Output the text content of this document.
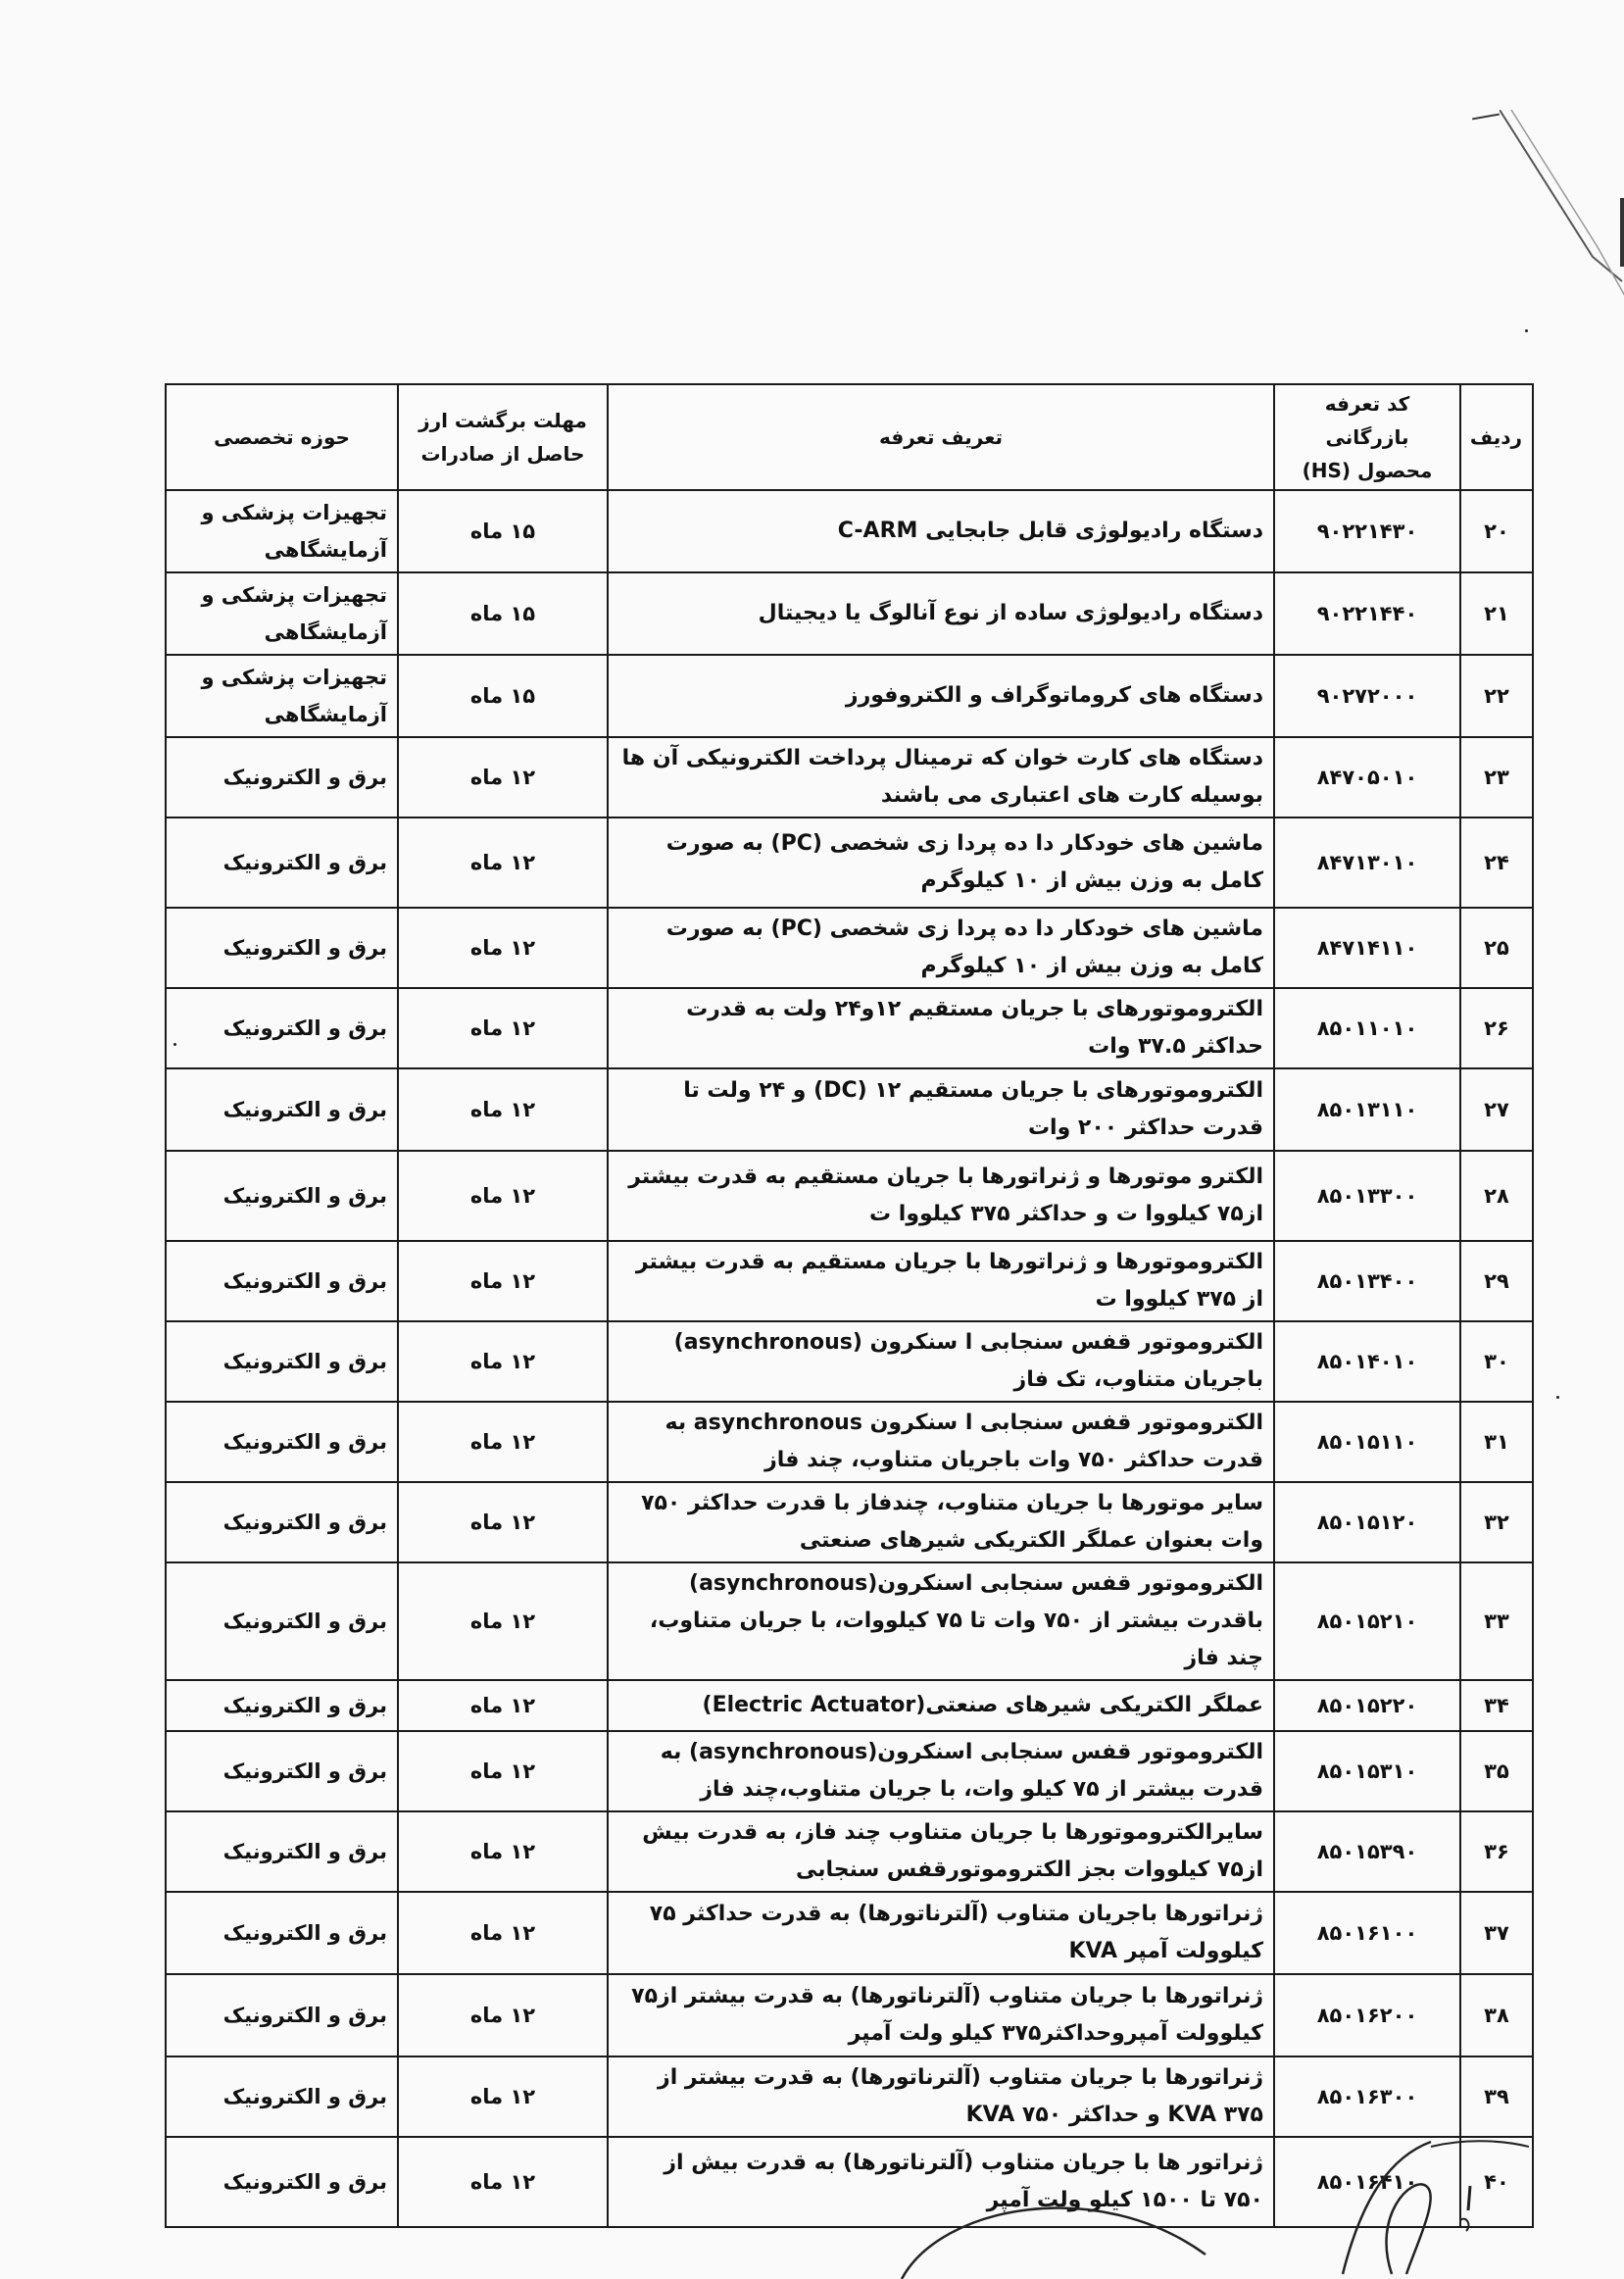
ردیف	کد تعرفه بازرگانی محصول (HS)	تعریف تعرفه	مهلت برگشت ارز حاصل از صادرات	حوزه تخصصی
۲۰	۹۰۲۲۱۴۳۰	دستگاه رادیولوژی قابل جابجایی C-ARM	۱۵ ماه	تجهیزات پزشکی و آزمایشگاهی
۲۱	۹۰۲۲۱۴۴۰	دستگاه رادیولوژی ساده از نوع آنالوگ یا دیجیتال	۱۵ ماه	تجهیزات پزشکی و آزمایشگاهی
۲۲	۹۰۲۷۲۰۰۰	دستگاه های کروماتوگراف و الکتروفورز	۱۵ ماه	تجهیزات پزشکی و آزمایشگاهی
۲۳	۸۴۷۰۵۰۱۰	دستگاه های کارت خوان که ترمینال پرداخت الکترونیکی آن ها بوسیله کارت های اعتباری می باشند	۱۲ ماه	برق و الکترونیک
۲۴	۸۴۷۱۳۰۱۰	ماشین های خودکار دا ده پردا زی شخصی (PC) به صورت کامل به وزن بیش از ۱۰ کیلوگرم	۱۲ ماه	برق و الکترونیک
۲۵	۸۴۷۱۴۱۱۰	ماشین های خودکار دا ده پردا زی شخصی (PC) به صورت کامل به وزن بیش از ۱۰ کیلوگرم	۱۲ ماه	برق و الکترونیک
۲۶	۸۵۰۱۱۰۱۰	الکتروموتورهای با جریان مستقیم ۱۲و۲۴ ولت به قدرت حداکثر ۳۷.۵ وات	۱۲ ماه	برق و الکترونیک
۲۷	۸۵۰۱۳۱۱۰	الکتروموتورهای با جریان مستقیم ۱۲ (DC) و ۲۴ ولت تا قدرت حداکثر ۲۰۰ وات	۱۲ ماه	برق و الکترونیک
۲۸	۸۵۰۱۳۳۰۰	الکترو موتورها و ژنراتورها با جریان مستقیم به قدرت بیشتر از۷۵ کیلووا ت و حداکثر ۳۷۵ کیلووا ت	۱۲ ماه	برق و الکترونیک
۲۹	۸۵۰۱۳۴۰۰	الکتروموتورها و ژنراتورها با جریان مستقیم به قدرت بیشتر از ۳۷۵ کیلووا ت	۱۲ ماه	برق و الکترونیک
۳۰	۸۵۰۱۴۰۱۰	الکتروموتور قفس سنجابی ا سنکرون (asynchronous) باجریان متناوب، تک فاز	۱۲ ماه	برق و الکترونیک
۳۱	۸۵۰۱۵۱۱۰	الکتروموتور قفس سنجابی ا سنکرون asynchronous به قدرت حداکثر ۷۵۰ وات باجریان متناوب، چند فاز	۱۲ ماه	برق و الکترونیک
۳۲	۸۵۰۱۵۱۲۰	سایر موتورها با جریان متناوب، چندفاز با قدرت حداکثر ۷۵۰ وات بعنوان عملگر الکتریکی شیرهای صنعتی	۱۲ ماه	برق و الکترونیک
۳۳	۸۵۰۱۵۲۱۰	الکتروموتور قفس سنجابی اسنکرون(asynchronous) باقدرت بیشتر از ۷۵۰ وات تا ۷۵ کیلووات، با جریان متناوب، چند فاز	۱۲ ماه	برق و الکترونیک
۳۴	۸۵۰۱۵۲۲۰	عملگر الکتریکی شیرهای صنعتی(Electric Actuator)	۱۲ ماه	برق و الکترونیک
۳۵	۸۵۰۱۵۳۱۰	الکتروموتور قفس سنجابی اسنکرون(asynchronous) به قدرت بیشتر از ۷۵ کیلو وات، با جریان متناوب،چند فاز	۱۲ ماه	برق و الکترونیک
۳۶	۸۵۰۱۵۳۹۰	سایرالکتروموتورها با جریان متناوب چند فاز، به قدرت بیش از۷۵ کیلووات بجز الکتروموتورقفس سنجابی	۱۲ ماه	برق و الکترونیک
۳۷	۸۵۰۱۶۱۰۰	ژنراتورها باجریان متناوب (آلترناتورها) به قدرت حداکثر ۷۵ کیلوولت آمپر KVA	۱۲ ماه	برق و الکترونیک
۳۸	۸۵۰۱۶۲۰۰	ژنراتورها با جریان متناوب (آلترناتورها) به قدرت بیشتر از۷۵ کیلوولت آمپروحداکثر۳۷۵ کیلو ولت آمپر	۱۲ ماه	برق و الکترونیک
۳۹	۸۵۰۱۶۳۰۰	ژنراتورها با جریان متناوب (آلترناتورها) به قدرت بیشتر از ۳۷۵ KVA و حداکثر ۷۵۰ KVA	۱۲ ماه	برق و الکترونیک
۴۰	۸۵۰۱۶۴۱۰	ژنراتور ها با جریان متناوب (آلترناتورها) به قدرت بیش از ۷۵۰ تا ۱۵۰۰ کیلو ولت آمپر	۱۲ ماه	برق و الکترونیک
